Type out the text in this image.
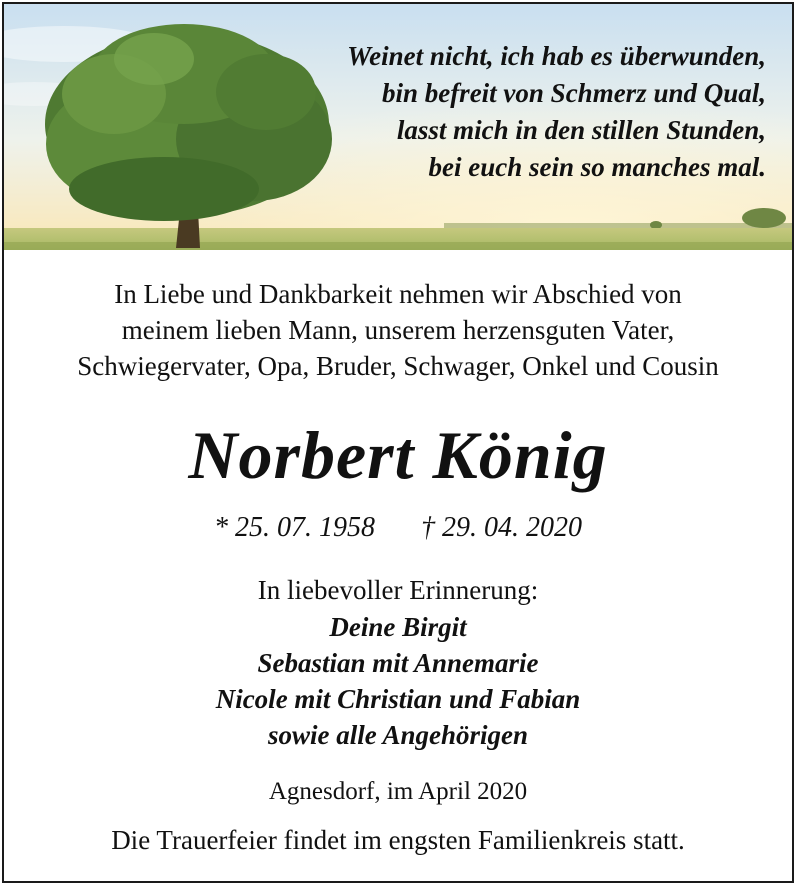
Weinet nicht, ich hab es überwunden,
bin befreit von Schmerz und Qual,
lasst mich in den stillen Stunden,
bei euch sein so manches mal.
In Liebe und Dankbarkeit nehmen wir Abschied von
meinem lieben Mann, unserem herzensguten Vater,
Schwiegervater, Opa, Bruder, Schwager, Onkel und Cousin
Norbert König
* 25. 07. 1958 † 29. 04. 2020
In liebevoller Erinnerung:
Deine Birgit
Sebastian mit Annemarie
Nicole mit Christian und Fabian
sowie alle Angehörigen
Agnesdorf, im April 2020
Die Trauerfeier findet im engsten Familienkreis statt.
